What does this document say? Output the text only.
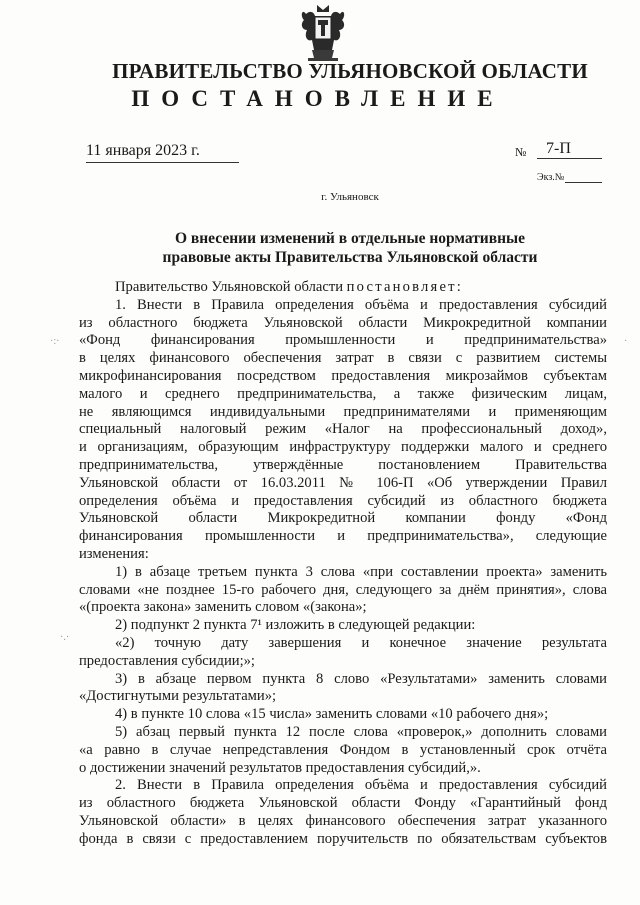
ПРАВИТЕЛЬСТВО УЛЬЯНОВСКОЙ ОБЛАСТИ
ПОСТАНОВЛЕНИЕ
11 января 2023 г.	№ 7-П
Экз.№
г. Ульяновск
О внесении изменений в отдельные нормативные
правовые акты Правительства Ульяновской области
Правительство Ульяновской области постановляет:
1. Внести в Правила определения объёма и предоставления субсидий
из областного бюджета Ульяновской области Микрокредитной компании
«Фонд финансирования промышленности и предпринимательства»
в целях финансового обеспечения затрат в связи с развитием системы
микрофинансирования посредством предоставления микрозаймов субъектам
малого и среднего предпринимательства, а также физическим лицам,
не являющимся индивидуальными предпринимателями и применяющим
специальный налоговый режим «Налог на профессиональный доход»,
и организациям, образующим инфраструктуру поддержки малого и среднего
предпринимательства, утверждённые постановлением Правительства
Ульяновской области от 16.03.2011 № 106-П «Об утверждении Правил
определения объёма и предоставления субсидий из областного бюджета
Ульяновской области Микрокредитной компании фонду «Фонд
финансирования промышленности и предпринимательства», следующие
изменения:
1) в абзаце третьем пункта 3 слова «при составлении проекта» заменить
словами «не позднее 15-го рабочего дня, следующего за днём принятия», слова
«(проекта закона» заменить словом «(закона»;
2) подпункт 2 пункта 7¹ изложить в следующей редакции:
«2) точную дату завершения и конечное значение результата
предоставления субсидии;»;
3) в абзаце первом пункта 8 слово «Результатами» заменить словами
«Достигнутыми результатами»;
4) в пункте 10 слова «15 числа» заменить словами «10 рабочего дня»;
5) абзац первый пункта 12 после слова «проверок,» дополнить словами
«а равно в случае непредставления Фондом в установленный срок отчёта
о достижении значений результатов предоставления субсидий,».
2. Внести в Правила определения объёма и предоставления субсидий
из областного бюджета Ульяновской области Фонду «Гарантийный фонд
Ульяновской области» в целях финансового обеспечения затрат указанного
фонда в связи с предоставлением поручительств по обязательствам субъектов
·:·	·
·.·
